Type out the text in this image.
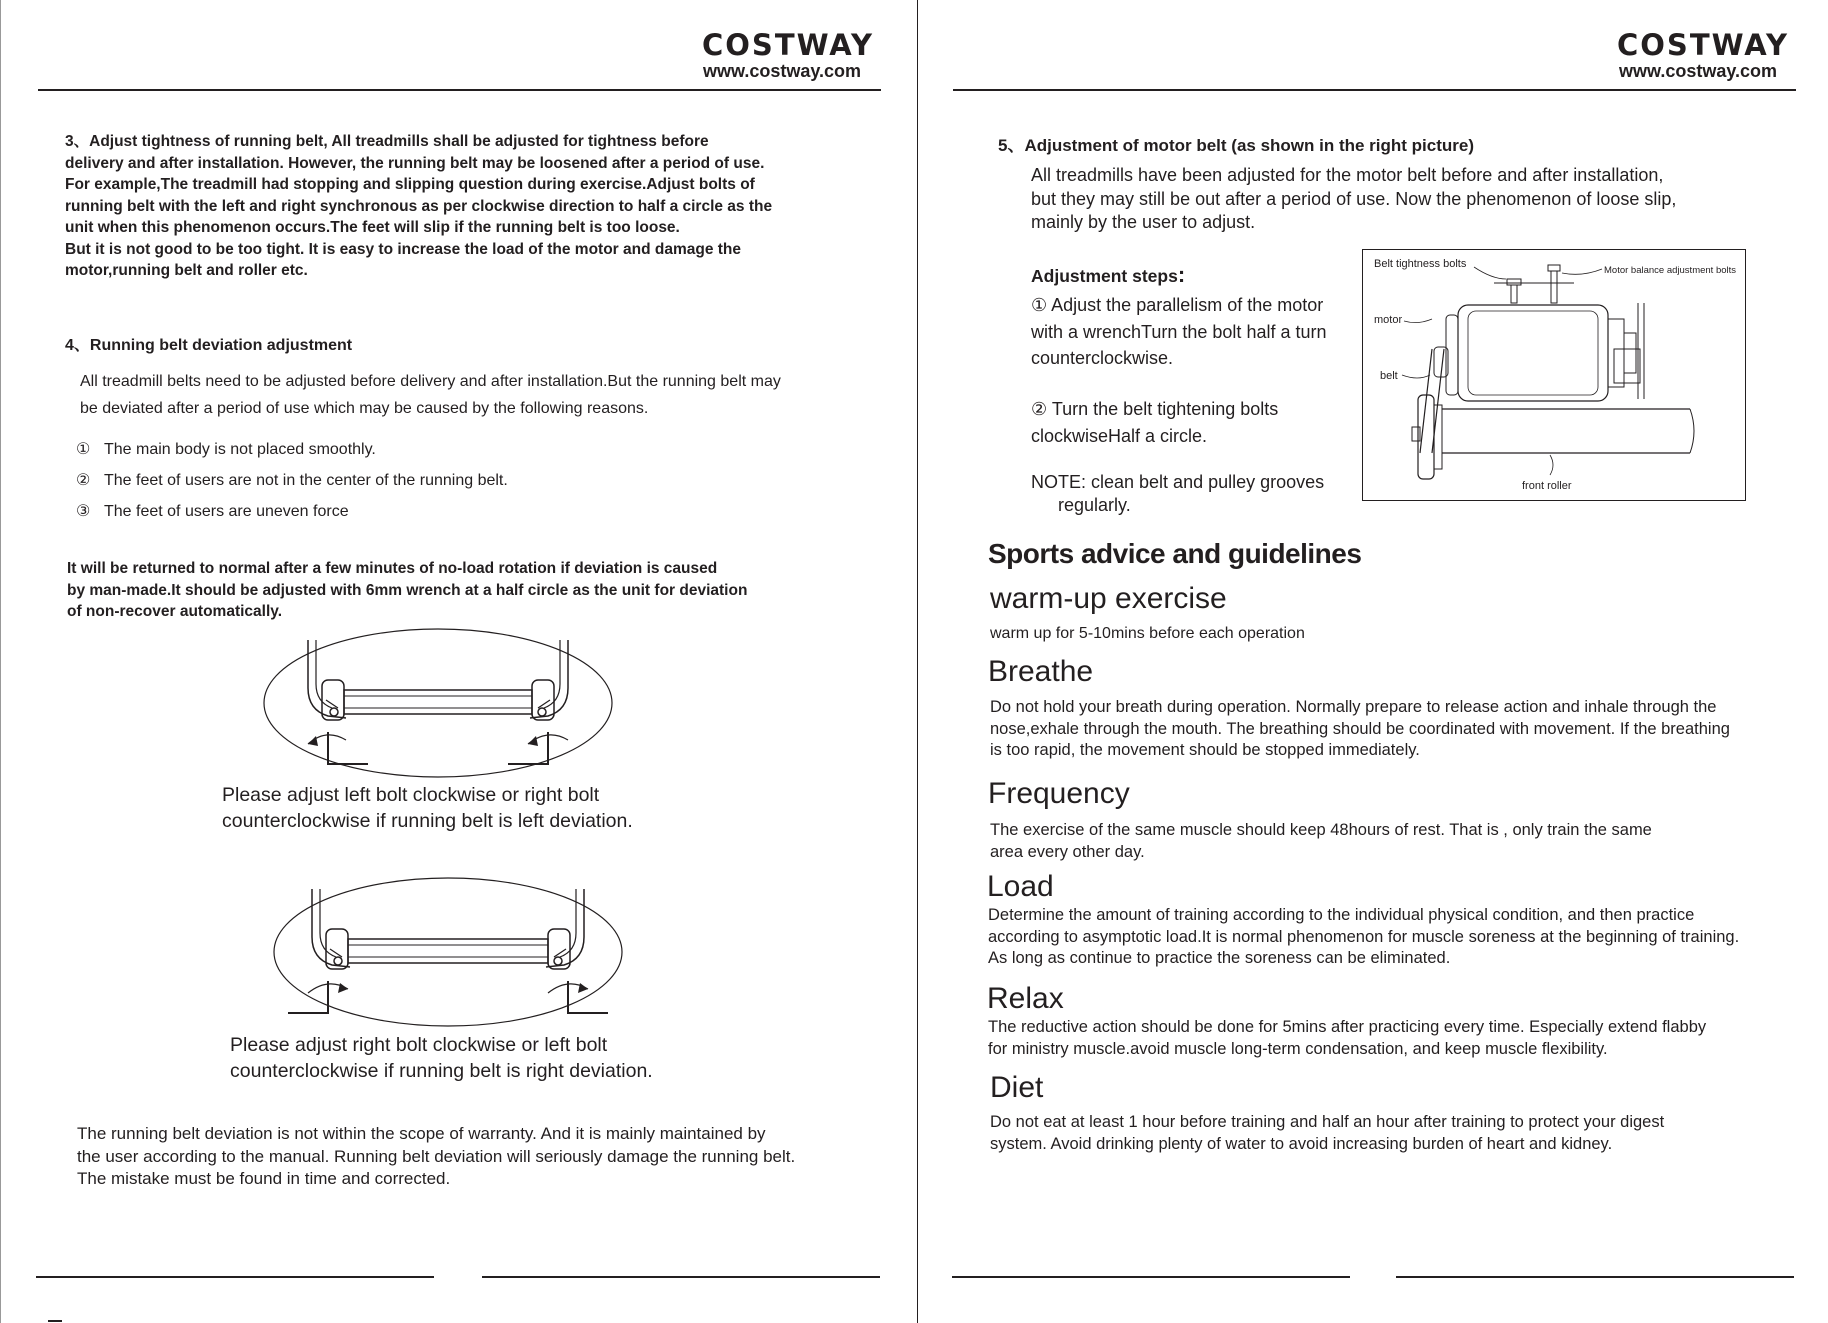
COSTWAY
www.costway.com
COSTWAY
www.costway.com
3、Adjust tightness of running belt, All treadmills shall be adjusted for tightness before
delivery and after installation. However, the running belt may be loosened after a period of use.
For example,The treadmill had stopping and slipping question during exercise.Adjust bolts of
running belt with the left and right synchronous as per clockwise direction to half a circle as the
unit when this phenomenon occurs.The feet will slip if the running belt is too loose.
But it is not good to be too tight. It is easy to increase the load of the motor and damage the
motor,running belt and roller etc.
4、Running belt deviation adjustment
All treadmill belts need to be adjusted before delivery and after installation.But the running belt may
be deviated after a period of use which may be caused by the following reasons.
① The main body is not placed smoothly.
② The feet of users are not in the center of the running belt.
③ The feet of users are uneven force
It will be returned to normal after a few minutes of no-load rotation if deviation is caused
by man-made.It should be adjusted with 6mm wrench at a half circle as the unit for deviation
of non-recover automatically.
Please adjust left bolt clockwise or right bolt
counterclockwise if running belt is left deviation.
Please adjust right bolt clockwise or left bolt
counterclockwise if running belt is right deviation.
The running belt deviation is not within the scope of warranty. And it is mainly maintained by
the user according to the manual. Running belt deviation will seriously damage the running belt.
The mistake must be found in time and corrected.
5、Adjustment of motor belt (as shown in the right picture)
All treadmills have been adjusted for the motor belt before and after installation,
but they may still be out after a period of use. Now the phenomenon of loose slip,
mainly by the user to adjust.
Adjustment steps:
① Adjust the parallelism of the motor
with a wrenchTurn the bolt half a turn
counterclockwise.
② Turn the belt tightening bolts
clockwiseHalf a circle.
NOTE: clean belt and pulley grooves
regularly.
Belt tightness bolts
Motor balance adjustment bolts
motor
belt
front roller
Sports advice and guidelines
warm-up exercise
warm up for 5-10mins before each operation
Breathe
Do not hold your breath during operation. Normally prepare to release action and inhale through the
nose,exhale through the mouth. The breathing should be coordinated with movement. If the breathing
is too rapid, the movement should be stopped immediately.
Frequency
The exercise of the same muscle should keep 48hours of rest. That is , only train the same
area every other day.
Load
Determine the amount of training according to the individual physical condition, and then practice
according to asymptotic load.It is normal phenomenon for muscle soreness at the beginning of training.
As long as continue to practice the soreness can be eliminated.
Relax
The reductive action should be done for 5mins after practicing every time. Especially extend flabby
for ministry muscle.avoid muscle long-term condensation, and keep muscle flexibility.
Diet
Do not eat at least 1 hour before training and half an hour after training to protect your digest
system. Avoid drinking plenty of water to avoid increasing burden of heart and kidney.
